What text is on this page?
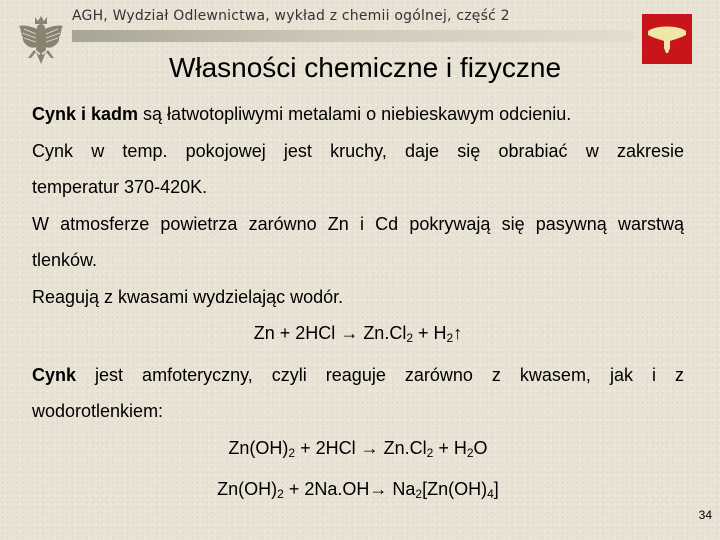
AGH, Wydział Odlewnictwa, wykład z chemii ogólnej, część 2
Własności chemiczne i fizyczne

Cynk i kadm są łatwotopliwymi metalami o niebieskawym odcieniu.

Cynk w temp. pokojowej jest kruchy, daje się obrabiać w zakresie

temperatur 370-420K.

W atmosferze powietrza zarówno Zn i Cd pokrywają się pasywną warstwą

tlenków.

Reagują z kwasami wydzielając wodór.

$Zn + 2HCl \to Zn.Cl_2$ + $H_2↑$

Cynk jest amfoteryczny, czyli reaguje zarówno z kwasem, jak i z

wodorotlenkiem:

$Zn(OH)_2 + 2HCl \to Zn.Cl_2 + H_2O$

$Zn(OH)_2 + 2Na.OH\to Na_2[Zn(OH)_4]$

34
